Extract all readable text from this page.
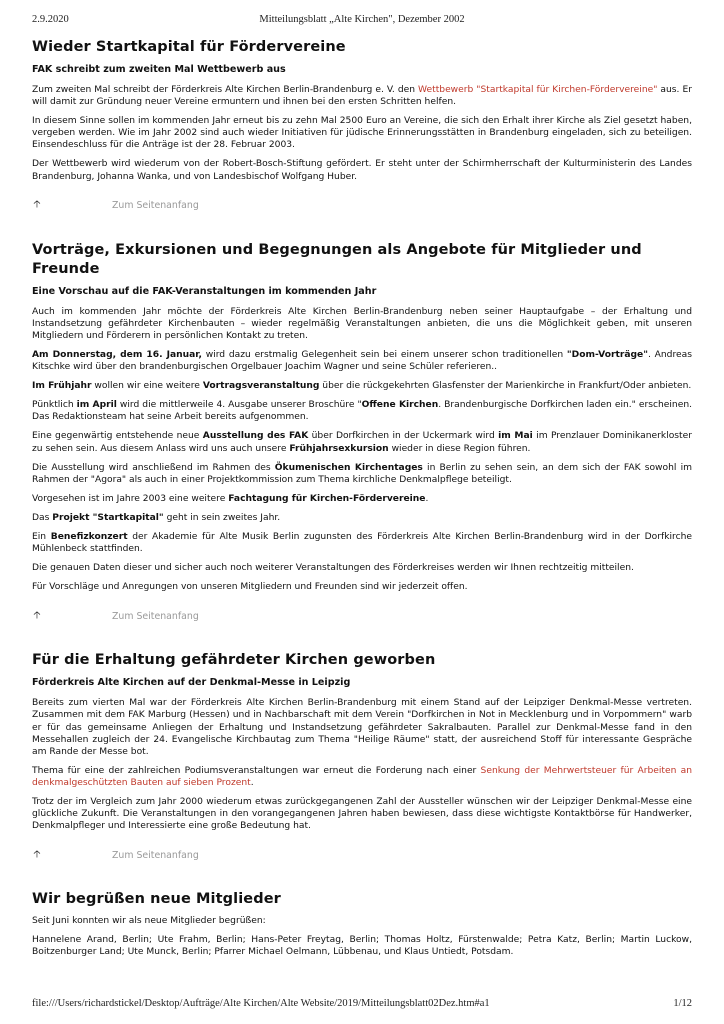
2.9.2020	Mitteilungsblatt „Alte Kirchen", Dezember 2002
Wieder Startkapital für Fördervereine
FAK schreibt zum zweiten Mal Wettbewerb aus

Zum zweiten Mal schreibt der Förderkreis Alte Kirchen Berlin-Brandenburg e. V. den Wettbewerb "Startkapital für Kirchen-Fördervereine" aus. Er will damit zur Gründung neuer Vereine ermuntern und ihnen bei den ersten Schritten helfen.

In diesem Sinne sollen im kommenden Jahr erneut bis zu zehn Mal 2500 Euro an Vereine, die sich den Erhalt ihrer Kirche als Ziel gesetzt haben, vergeben werden. Wie im Jahr 2002 sind auch wieder Initiativen für jüdische Erinnerungsstätten in Brandenburg eingeladen, sich zu beteiligen. Einsendeschluss für die Anträge ist der 28. Februar 2003.

Der Wettbewerb wird wiederum von der Robert-Bosch-Stiftung gefördert. Er steht unter der Schirmherrschaft der Kulturministerin des Landes Brandenburg, Johanna Wanka, und von Landesbischof Wolfgang Huber.

🡡	Zum Seitenanfang
Vorträge, Exkursionen und Begegnungen als Angebote für Mitglieder und Freunde
Eine Vorschau auf die FAK-Veranstaltungen im kommenden Jahr

Auch im kommenden Jahr möchte der Förderkreis Alte Kirchen Berlin-Brandenburg neben seiner Hauptaufgabe – der Erhaltung und Instandsetzung gefährdeter Kirchenbauten – wieder regelmäßig Veranstaltungen anbieten, die uns die Möglichkeit geben, mit unseren Mitgliedern und Förderern in persönlichen Kontakt zu treten.

Am Donnerstag, dem 16. Januar, wird dazu erstmalig Gelegenheit sein bei einem unserer schon traditionellen "Dom-Vorträge". Andreas Kitschke wird über den brandenburgischen Orgelbauer Joachim Wagner und seine Schüler referieren..

Im Frühjahr wollen wir eine weitere Vortragsveranstaltung über die rückgekehrten Glasfenster der Marienkirche in Frankfurt/Oder anbieten.

Pünktlich im April wird die mittlerweile 4. Ausgabe unserer Broschüre "Offene Kirchen. Brandenburgische Dorfkirchen laden ein." erscheinen. Das Redaktionsteam hat seine Arbeit bereits aufgenommen.

Eine gegenwärtig entstehende neue Ausstellung des FAK über Dorfkirchen in der Uckermark wird im Mai im Prenzlauer Dominikanerkloster zu sehen sein. Aus diesem Anlass wird uns auch unsere Frühjahrsexkursion wieder in diese Region führen.

Die Ausstellung wird anschließend im Rahmen des Ökumenischen Kirchentages in Berlin zu sehen sein, an dem sich der FAK sowohl im Rahmen der "Agora" als auch in einer Projektkommission zum Thema kirchliche Denkmalpflege beteiligt.

Vorgesehen ist im Jahre 2003 eine weitere Fachtagung für Kirchen-Fördervereine.

Das Projekt "Startkapital" geht in sein zweites Jahr.

Ein Benefizkonzert der Akademie für Alte Musik Berlin zugunsten des Förderkreis Alte Kirchen Berlin-Brandenburg wird in der Dorfkirche Mühlenbeck stattfinden.

Die genauen Daten dieser und sicher auch noch weiterer Veranstaltungen des Förderkreises werden wir Ihnen rechtzeitig mitteilen.

Für Vorschläge und Anregungen von unseren Mitgliedern und Freunden sind wir jederzeit offen.

🡡	Zum Seitenanfang
Für die Erhaltung gefährdeter Kirchen geworben
Förderkreis Alte Kirchen auf der Denkmal-Messe in Leipzig

Bereits zum vierten Mal war der Förderkreis Alte Kirchen Berlin-Brandenburg mit einem Stand auf der Leipziger Denkmal-Messe vertreten. Zusammen mit dem FAK Marburg (Hessen) und in Nachbarschaft mit dem Verein "Dorfkirchen in Not in Mecklenburg und in Vorpommern" warb er für das gemeinsame Anliegen der Erhaltung und Instandsetzung gefährdeter Sakralbauten. Parallel zur Denkmal-Messe fand in den Messehallen zugleich der 24. Evangelische Kirchbautag zum Thema "Heilige Räume" statt, der ausreichend Stoff für interessante Gespräche am Rande der Messe bot.

Thema für eine der zahlreichen Podiumsveranstaltungen war erneut die Forderung nach einer Senkung der Mehrwertsteuer für Arbeiten an denkmalgeschützten Bauten auf sieben Prozent.

Trotz der im Vergleich zum Jahr 2000 wiederum etwas zurückgegangenen Zahl der Aussteller wünschen wir der Leipziger Denkmal-Messe eine glückliche Zukunft. Die Veranstaltungen in den vorangegangenen Jahren haben bewiesen, dass diese wichtigste Kontaktbörse für Handwerker, Denkmalpfleger und Interessierte eine große Bedeutung hat.

🡡	Zum Seitenanfang
Wir begrüßen neue Mitglieder

Seit Juni konnten wir als neue Mitglieder begrüßen:

Hannelene Arand, Berlin; Ute Frahm, Berlin; Hans-Peter Freytag, Berlin; Thomas Holtz, Fürstenwalde; Petra Katz, Berlin; Martin Luckow, Boitzenburger Land; Ute Munck, Berlin; Pfarrer Michael Oelmann, Lübbenau, und Klaus Untiedt, Potsdam.

file:///Users/richardstickel/Desktop/Aufträge/Alte Kirchen/Alte Website/2019/Mitteilungsblatt02Dez.htm#a1	1/12
